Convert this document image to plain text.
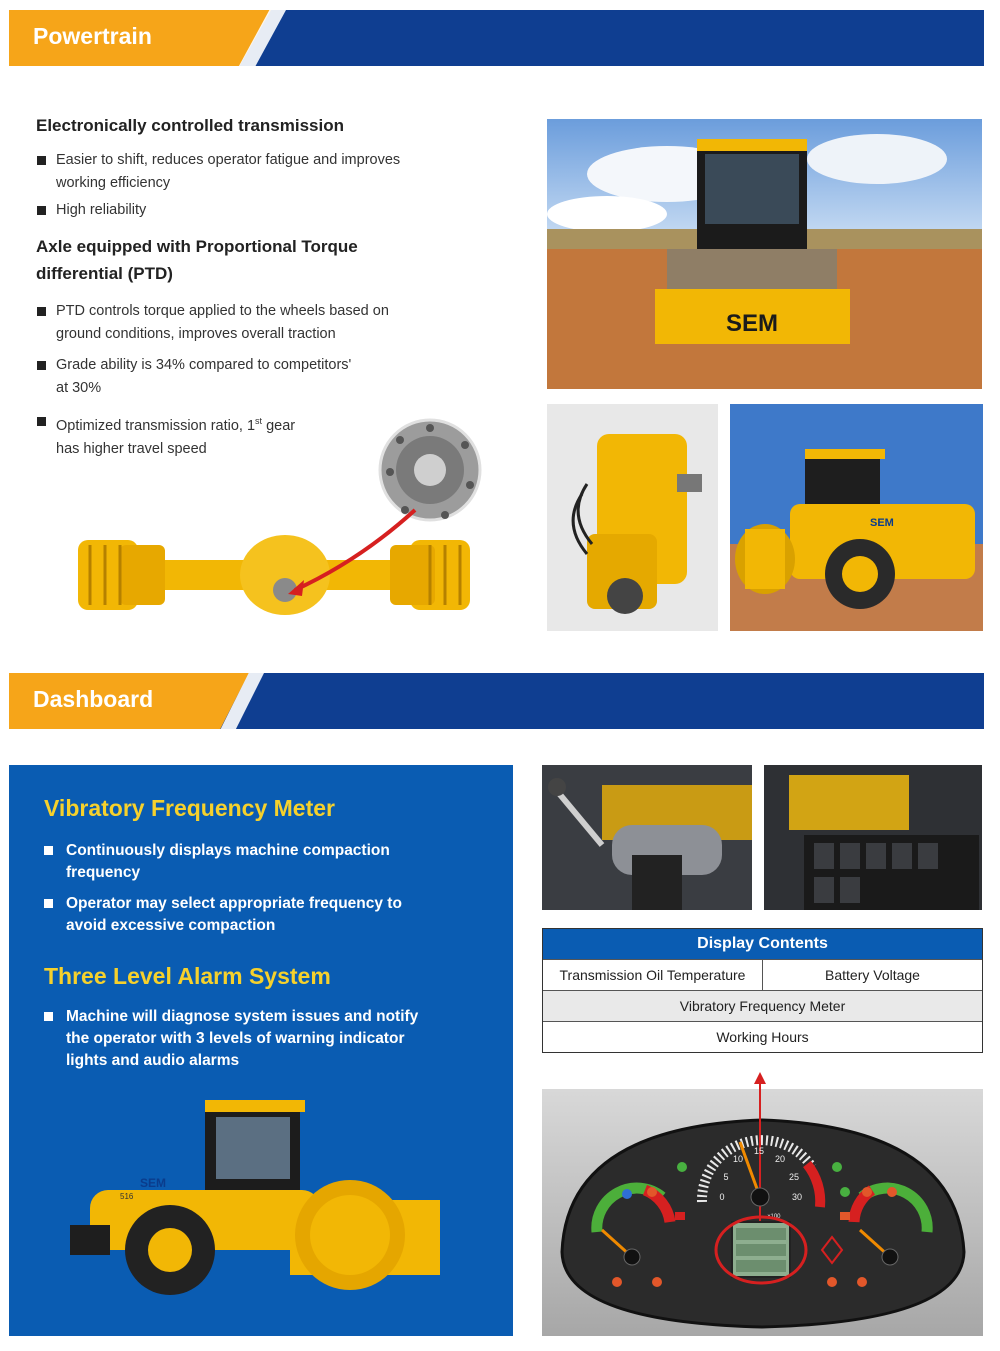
Powertrain
Electronically controlled transmission
Easier to shift, reduces operator fatigue and improves
working efficiency
High reliability
Axle equipped with Proportional Torque
differential (PTD)
PTD controls torque applied to the wheels based on
ground conditions, improves overall traction
Grade ability is 34% compared to competitors'
at 30%
Optimized transmission ratio, 1st gear
has higher travel speed
SEM
SEM
Dashboard
Vibratory Frequency Meter
Continuously displays machine compaction
frequency
Operator may select appropriate frequency to
avoid excessive compaction
Three Level Alarm System
Machine will diagnose system issues and notify
the operator with 3 levels of warning indicator
lights and audio alarms
SEM
516
Display Contents
Transmission Oil Temperature	Battery Voltage
Vibratory Frequency Meter
Working Hours
0
5
10
15
20
25
30
x100
